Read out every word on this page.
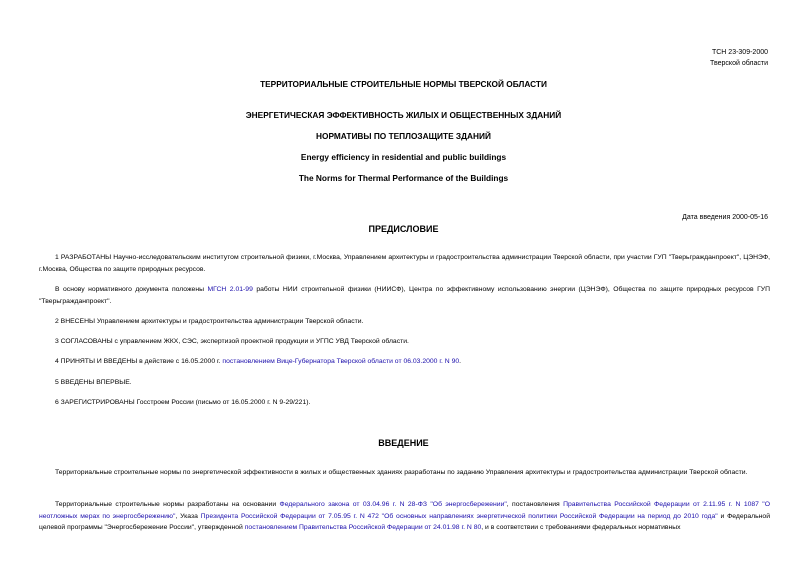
ТСН 23-309-2000
Тверской области
ТЕРРИТОРИАЛЬНЫЕ СТРОИТЕЛЬНЫЕ НОРМЫ ТВЕРСКОЙ ОБЛАСТИ
ЭНЕРГЕТИЧЕСКАЯ ЭФФЕКТИВНОСТЬ ЖИЛЫХ И ОБЩЕСТВЕННЫХ ЗДАНИЙ
НОРМАТИВЫ ПО ТЕПЛОЗАЩИТЕ ЗДАНИЙ
Energy efficiency in residential and public buildings
The Norms for Thermal Performance of the Buildings
Дата введения 2000-05-16
ПРЕДИСЛОВИЕ
1 РАЗРАБОТАНЫ Научно-исследовательским институтом строительной физики, г.Москва, Управлением архитектуры и градостроительства администрации Тверской области, при участии ГУП "Тверьгражданпроект", ЦЭНЭФ, г.Москва, Общества по защите природных ресурсов.
В основу нормативного документа положены МГСН 2.01-99 работы НИИ строительной физики (НИИСФ), Центра по эффективному использованию энергии (ЦЭНЭФ), Общества по защите природных ресурсов ГУП "Тверьгражданпроект".
2 ВНЕСЕНЫ Управлением архитектуры и градостроительства администрации Тверской области.
3 СОГЛАСОВАНЫ с управлением ЖКХ, СЭС, экспертизой проектной продукции и УГПС УВД Тверской области.
4 ПРИНЯТЫ И ВВЕДЕНЫ в действие с 16.05.2000 г. постановлением Вице-Губернатора Тверской области от 06.03.2000 г. N 90.
5 ВВЕДЕНЫ ВПЕРВЫЕ.
6 ЗАРЕГИСТРИРОВАНЫ Госстроем России (письмо от 16.05.2000 г. N 9-29/221).
ВВЕДЕНИЕ
Территориальные строительные нормы по энергетической эффективности в жилых и общественных зданиях разработаны по заданию Управления архитектуры и градостроительства администрации Тверской области.
Территориальные строительные нормы разработаны на основании Федерального закона от 03.04.96 г. N 28-ФЗ "Об энергосбережении", постановления Правительства Российской Федерации от 2.11.95 г. N 1087 "О неотложных мерах по энергосбережению", Указа Президента Российской Федерации от 7.05.95 г. N 472 "Об основных направлениях энергетической политики Российской Федерации на период до 2010 года" и Федеральной целевой программы "Энергосбережение России", утвержденной постановлением Правительства Российской Федерации от 24.01.98 г. N 80, и в соответствии с требованиями федеральных нормативных
